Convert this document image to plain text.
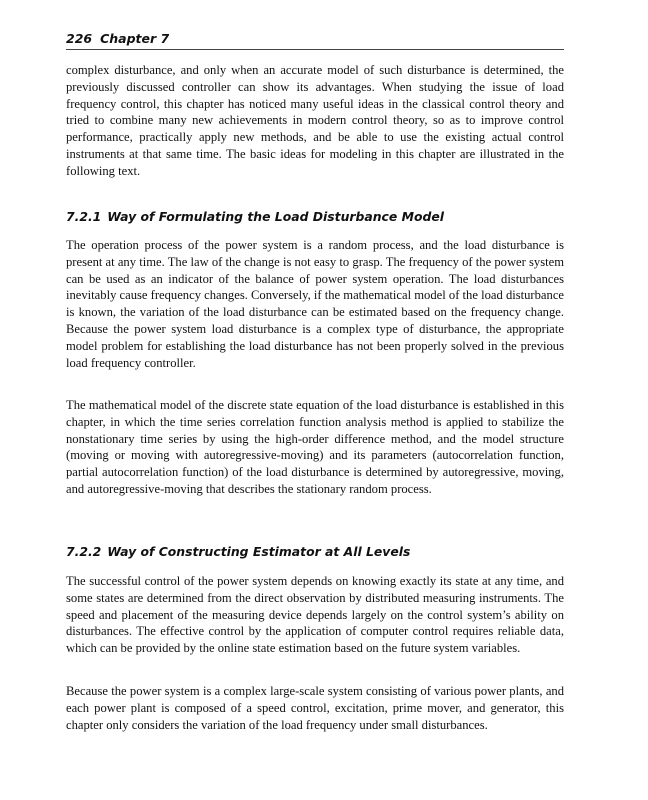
226 Chapter 7

complex disturbance, and only when an accurate model of such disturbance is determined, the previously discussed controller can show its advantages. When studying the issue of load frequency control, this chapter has noticed many useful ideas in the classical control theory and tried to combine many new achievements in modern control theory, so as to improve control performance, practically apply new methods, and be able to use the existing actual control instruments at that same time. The basic ideas for modeling in this chapter are illustrated in the following text.

7.2.1 Way of Formulating the Load Disturbance Model

The operation process of the power system is a random process, and the load disturbance is present at any time. The law of the change is not easy to grasp. The frequency of the power system can be used as an indicator of the balance of power system operation. The load disturbances inevitably cause frequency changes. Conversely, if the mathematical model of the load disturbance is known, the variation of the load disturbance can be estimated based on the frequency change. Because the power system load disturbance is a complex type of disturbance, the appropriate model problem for establishing the load disturbance has not been properly solved in the previous load frequency controller.

The mathematical model of the discrete state equation of the load disturbance is established in this chapter, in which the time series correlation function analysis method is applied to stabilize the nonstationary time series by using the high-order difference method, and the model structure (moving or moving with autoregressive-moving) and its parameters (autocorrelation function, partial autocorrelation function) of the load disturbance is determined by autoregressive, moving, and autoregressive-moving that describes the stationary random process.

7.2.2 Way of Constructing Estimator at All Levels

The successful control of the power system depends on knowing exactly its state at any time, and some states are determined from the direct observation by distributed measuring instruments. The speed and placement of the measuring device depends largely on the control system’s ability on disturbances. The effective control by the application of computer control requires reliable data, which can be provided by the online state estimation based on the future system variables.

Because the power system is a complex large-scale system consisting of various power plants, and each power plant is composed of a speed control, excitation, prime mover, and generator, this chapter only considers the variation of the load frequency under small disturbances.
